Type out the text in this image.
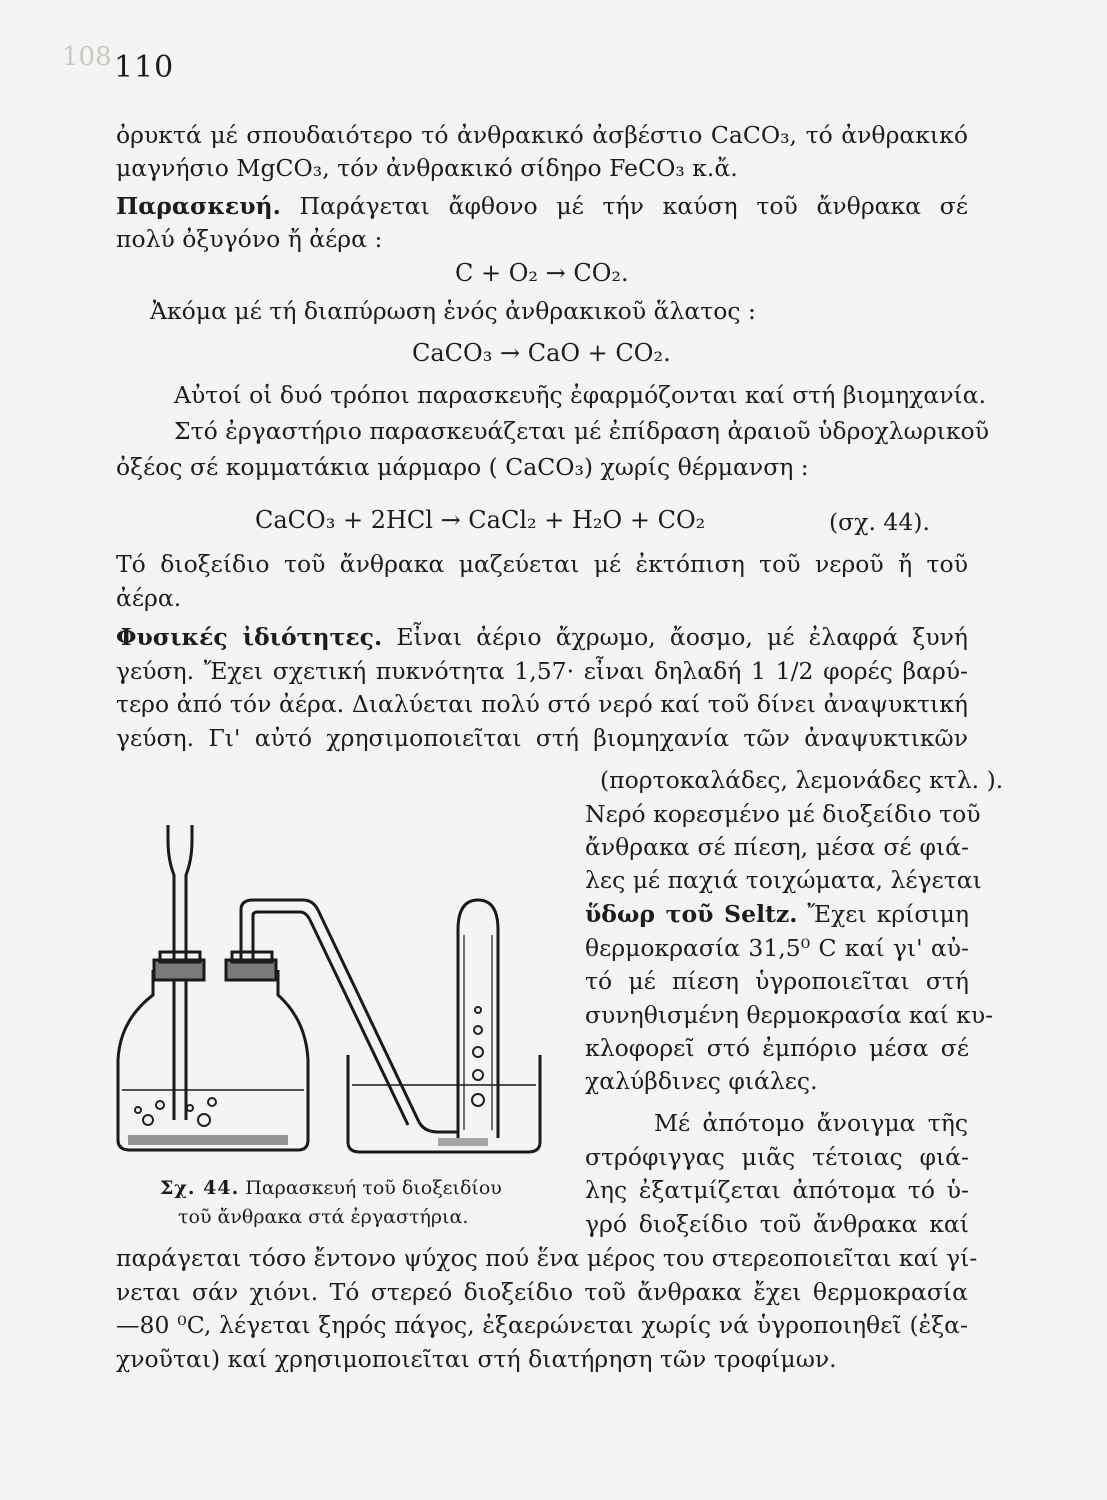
108 110
ὀρυκτά μέ σπουδαιότερο τό ἀνθρακικό ἀσβέστιο CaCO₃, τό ἀνθρακικό
μαγνήσιο MgCO₃, τόν ἀνθρακικό σίδηρο FeCO₃ κ.ἄ.
Παρασκευή. Παράγεται ἄφθονο μέ τήν καύση τοῦ ἄνθρακα σέ
πολύ ὀξυγόνο ἤ ἀέρα :
C + O₂ → CO₂.
Ἀκόμα μέ τή διαπύρωση ἑνός ἀνθρακικοῦ ἅλατος :
CaCO₃ → CaO + CO₂.
Αὐτοί οἱ δυό τρόποι παρασκευῆς ἐφαρμόζονται καί στή βιομηχανία.
Στό ἐργαστήριο παρασκευάζεται μέ ἐπίδραση ἀραιοῦ ὑδροχλωρικοῦ
ὀξέος σέ κομματάκια μάρμαρο ( CaCO₃) χωρίς θέρμανση :
CaCO₃ + 2HCl → CaCl₂ + H₂O + CO₂	(σχ. 44).
Τό διοξείδιο τοῦ ἄνθρακα μαζεύεται μέ ἐκτόπιση τοῦ νεροῦ ἤ τοῦ
ἀέρα.
Φυσικές ἰδιότητες. Εἶναι ἀέριο ἄχρωμο, ἄοσμο, μέ ἐλαφρά ξυνή
γεύση. Ἔχει σχετική πυκνότητα 1,57· εἶναι δηλαδή 1 1/2 φορές βαρύ-
τερο ἀπό τόν ἀέρα. Διαλύεται πολύ στό νερό καί τοῦ δίνει ἀναψυκτική
γεύση. Γι' αὐτό χρησιμοποιεῖται στή βιομηχανία τῶν ἀναψυκτικῶν
(πορτοκαλάδες, λεμονάδες κτλ. ).
Νερό κορεσμένο μέ διοξείδιο τοῦ
ἄνθρακα σέ πίεση, μέσα σέ φιά-
λες μέ παχιά τοιχώματα, λέγεται
ὕδωρ τοῦ Seltz. Ἔχει κρίσιμη
θερμοκρασία 31,5⁰ C καί γι' αὐ-
τό μέ πίεση ὑγροποιεῖται στή
συνηθισμένη θερμοκρασία καί κυ-
κλοφορεῖ στό ἐμπόριο μέσα σέ
χαλύβδινες φιάλες.
Μέ ἀπότομο ἄνοιγμα τῆς
στρόφιγγας μιᾶς τέτοιας φιά-
λης ἐξατμίζεται ἀπότομα τό ὑ-
γρό διοξείδιο τοῦ ἄνθρακα καί
παράγεται τόσο ἔντονο ψύχος πού ἕνα μέρος του στερεοποιεῖται καί γί-
νεται σάν χιόνι. Τό στερεό διοξείδιο τοῦ ἄνθρακα ἔχει θερμοκρασία
—80 ⁰C, λέγεται ξηρός πάγος, ἐξαερώνεται χωρίς νά ὑγροποιηθεῖ (ἐξα-
χνοῦται) καί χρησιμοποιεῖται στή διατήρηση τῶν τροφίμων.
Σχ. 44. Παρασκευή τοῦ διοξειδίου
τοῦ ἄνθρακα στά ἐργαστήρια.
